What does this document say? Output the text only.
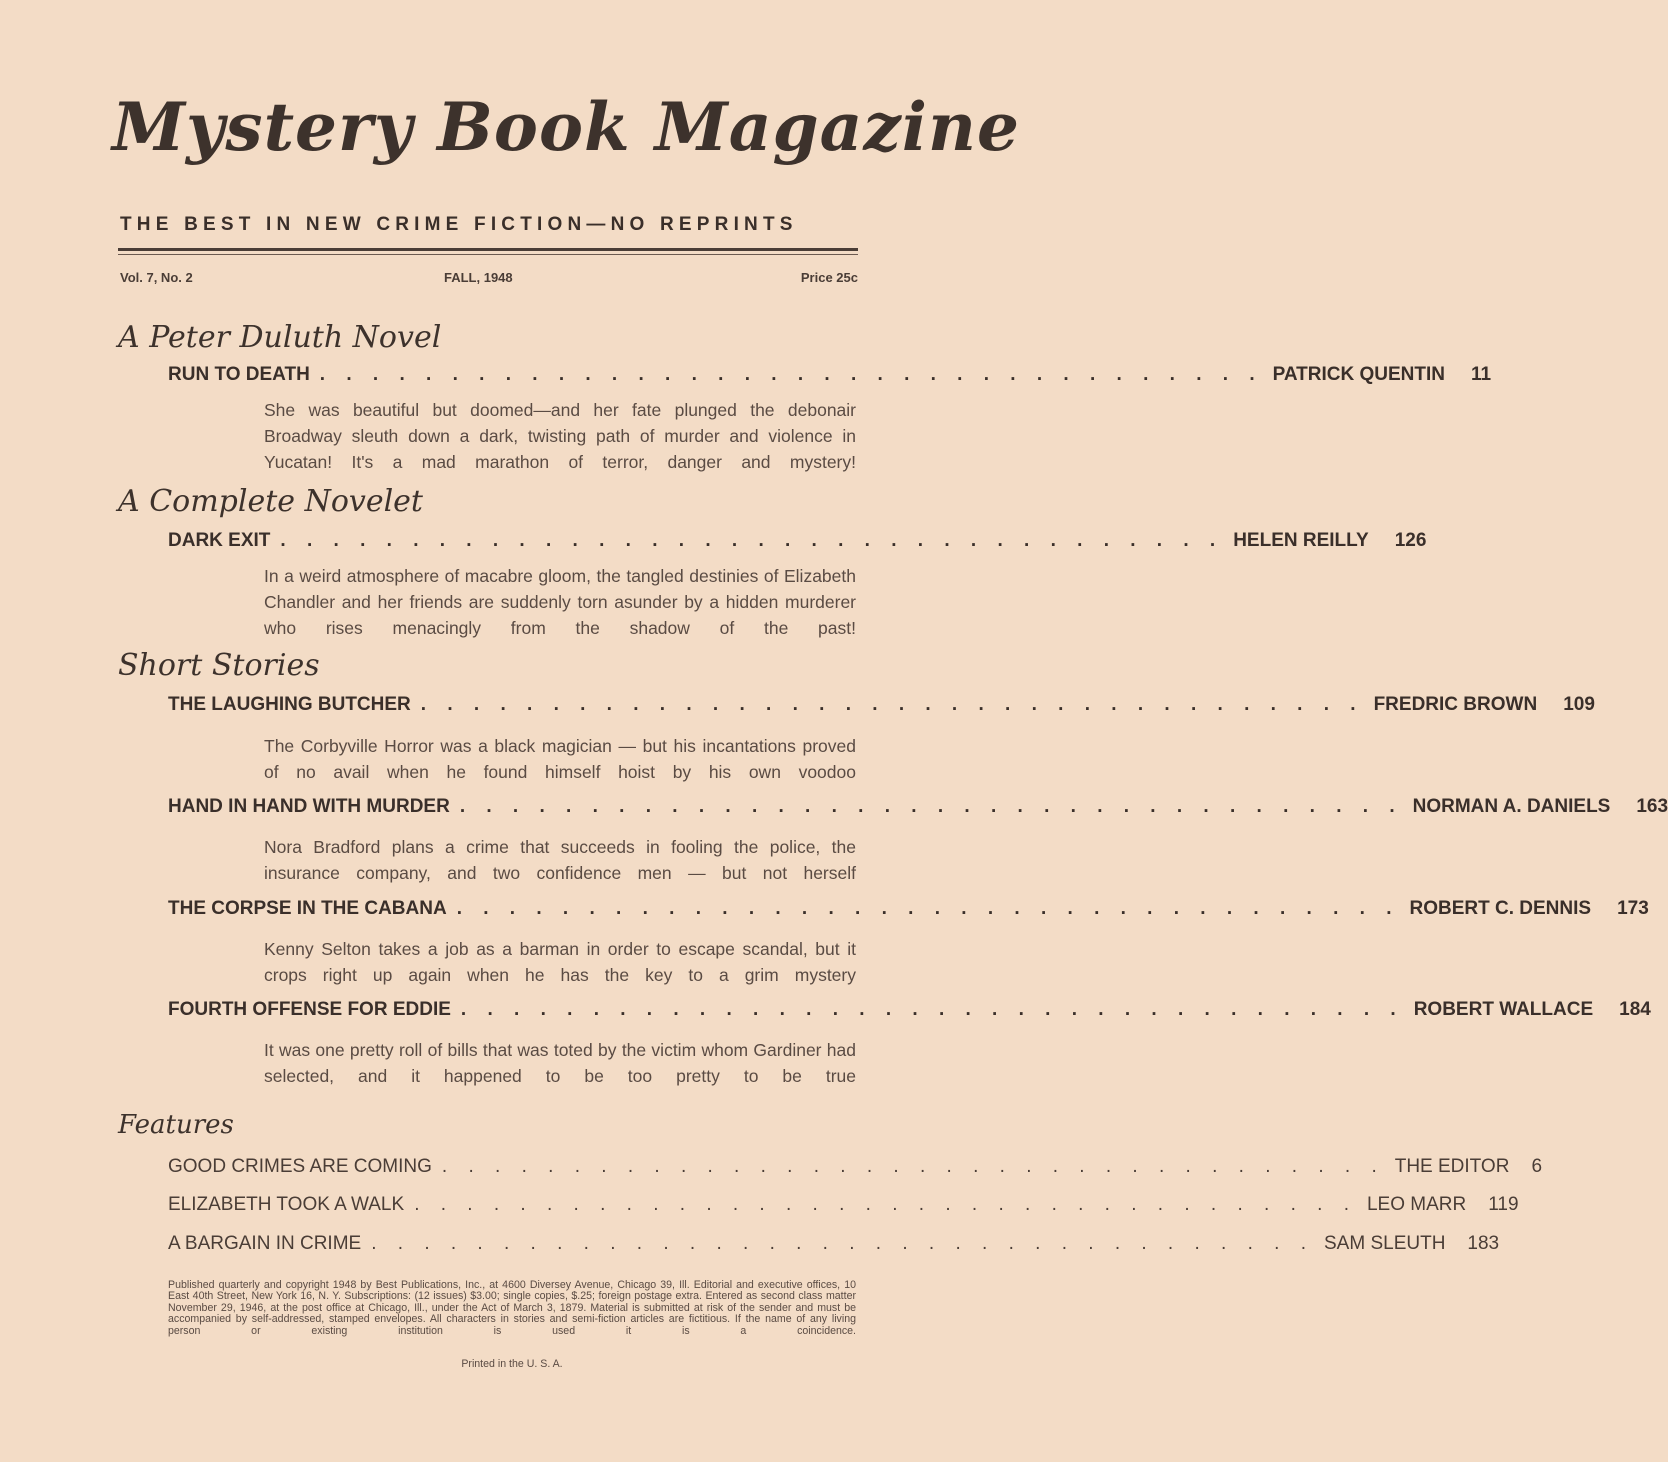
Mystery Book Magazine
THE BEST IN NEW CRIME FICTION—NO REPRINTS
Vol. 7, No. 2	FALL, 1948	Price 25c
A Peter Duluth Novel
RUN TO DEATH . . . . . . . . . . . . . . . . . . . . . . . . . . . . . . . . . . . . PATRICK QUENTIN 11
She was beautiful but doomed—and her fate plunged the debonair Broadway sleuth down a dark, twisting path of murder and violence in Yucatan! It's a mad marathon of terror, danger and mystery!
A Complete Novelet
DARK EXIT . . . . . . . . . . . . . . . . . . . . . . . . . . . . . . . . . . . . HELEN REILLY 126
In a weird atmosphere of macabre gloom, the tangled destinies of Elizabeth Chandler and her friends are suddenly torn asunder by a hidden murderer who rises menacingly from the shadow of the past!
Short Stories
THE LAUGHING BUTCHER . . . . . . . . . . . . . . . . . . . . . . . . . . . . . . . . . . . . FREDRIC BROWN 109
The Corbyville Horror was a black magician — but his incantations proved of no avail when he found himself hoist by his own voodoo
HAND IN HAND WITH MURDER . . . . . . . . . . . . . . . . . . . . . . . . . . . . . . . . . . . . NORMAN A. DANIELS 163
Nora Bradford plans a crime that succeeds in fooling the police, the insurance company, and two confidence men — but not herself
THE CORPSE IN THE CABANA . . . . . . . . . . . . . . . . . . . . . . . . . . . . . . . . . . . . ROBERT C. DENNIS 173
Kenny Selton takes a job as a barman in order to escape scandal, but it crops right up again when he has the key to a grim mystery
FOURTH OFFENSE FOR EDDIE . . . . . . . . . . . . . . . . . . . . . . . . . . . . . . . . . . . . ROBERT WALLACE 184
It was one pretty roll of bills that was toted by the victim whom Gardiner had selected, and it happened to be too pretty to be true
Features
GOOD CRIMES ARE COMING . . . . . . . . . . . . . . . . . . . . . . . . . . . . . . . . . . . . THE EDITOR 6
ELIZABETH TOOK A WALK . . . . . . . . . . . . . . . . . . . . . . . . . . . . . . . . . . . . LEO MARR 119
A BARGAIN IN CRIME . . . . . . . . . . . . . . . . . . . . . . . . . . . . . . . . . . . . SAM SLEUTH 183
Published quarterly and copyright 1948 by Best Publications, Inc., at 4600 Diversey Avenue, Chicago 39, Ill. Editorial and executive offices, 10 East 40th Street, New York 16, N. Y. Subscriptions: (12 issues) $3.00; single copies, $.25; foreign postage extra. Entered as second class matter November 29, 1946, at the post office at Chicago, Ill., under the Act of March 3, 1879. Material is submitted at risk of the sender and must be accompanied by self-addressed, stamped envelopes. All characters in stories and semi-fiction articles are fictitious. If the name of any living person or existing institution is used it is a coincidence.
Printed in the U. S. A.
